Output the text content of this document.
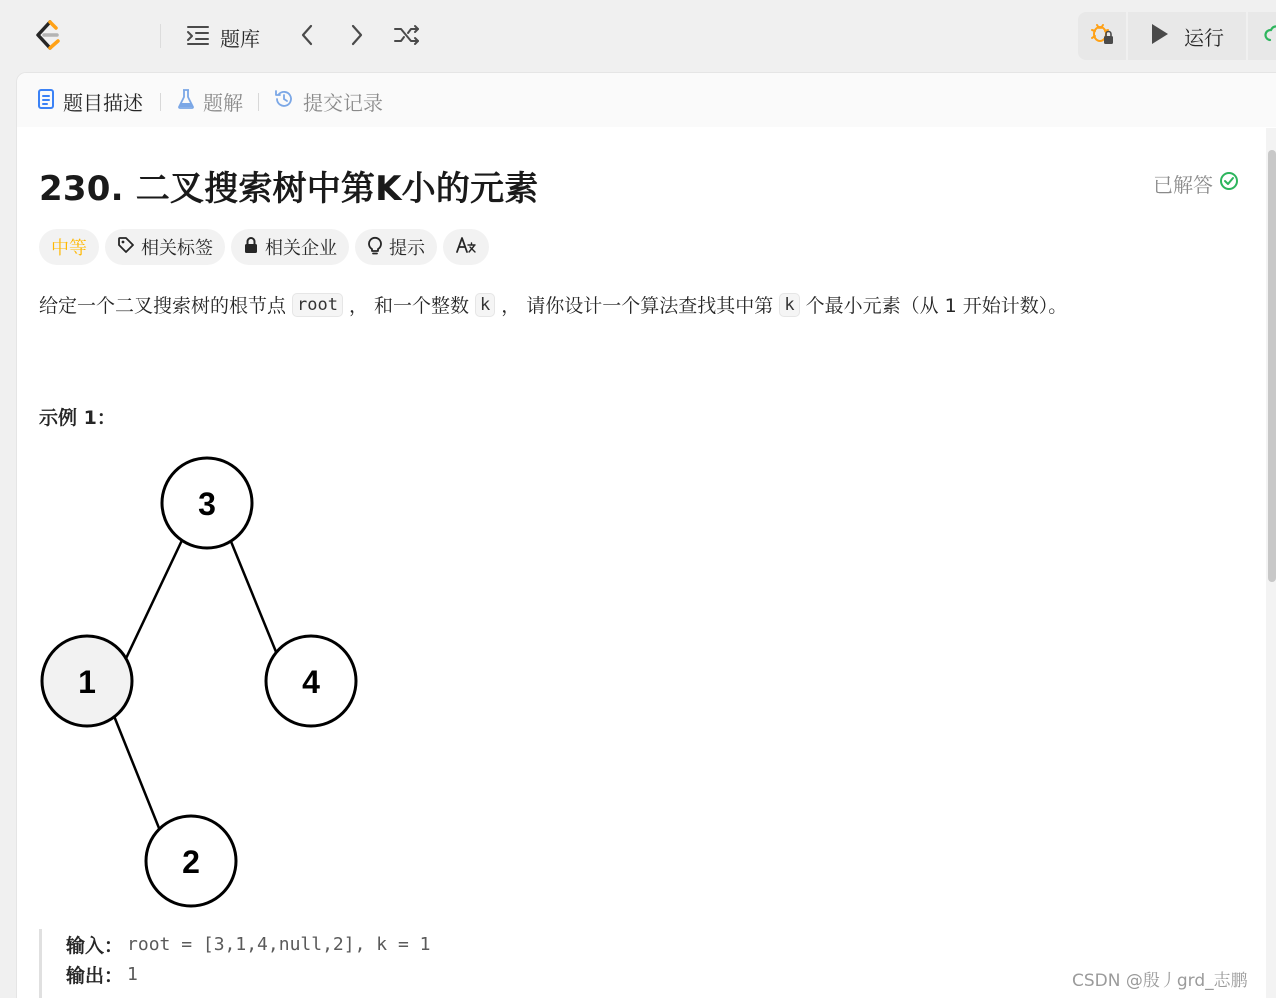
题库	运行
题目描述	题解	提交记录
230. 二叉搜索树中第K小的元素	已解答
中等	相关标签	相关企业	提示
给定一个二叉搜索树的根节点 root ， 和一个整数 k ， 请你设计一个算法查找其中第 k 个最小元素（从 1 开始计数）。
示例 1：
3
1	4
2
输入： root = [3,1,4,null,2], k = 1
输出： 1	CSDN @殷丿grd_志鹏
